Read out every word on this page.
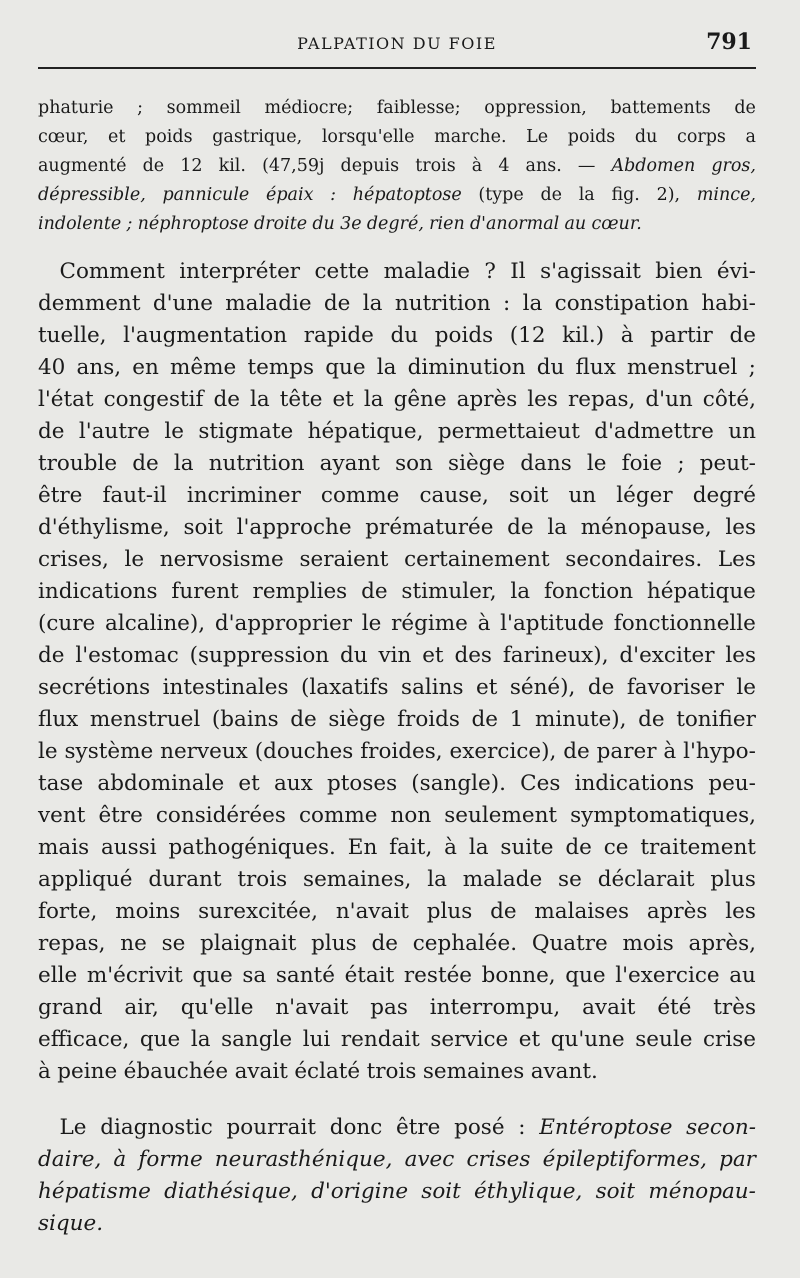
PALPATION DU FOIE	791
phaturie ; sommeil médiocre; faiblesse; oppression, battements de
cœur, et poids gastrique, lorsqu'elle marche. Le poids du corps a
augmenté de 12 kil. (47,59j depuis trois à 4 ans. — Abdomen gros,
dépressible, pannicule épaix : hépatoptose (type de la fig. 2), mince,
indolente ; néphroptose droite du 3e degré, rien d'anormal au cœur.
 Comment interpréter cette maladie ? Il s'agissait bien évi-
demment d'une maladie de la nutrition : la constipation habi-
tuelle, l'augmentation rapide du poids (12 kil.) à partir de
40 ans, en même temps que la diminution du flux menstruel ;
l'état congestif de la tête et la gêne après les repas, d'un côté,
de l'autre le stigmate hépatique, permettaieut d'admettre un
trouble de la nutrition ayant son siège dans le foie ; peut-
être faut-il incriminer comme cause, soit un léger degré
d'éthylisme, soit l'approche prématurée de la ménopause, les
crises, le nervosisme seraient certainement secondaires. Les
indications furent remplies de stimuler, la fonction hépatique
(cure alcaline), d'approprier le régime à l'aptitude fonctionnelle
de l'estomac (suppression du vin et des farineux), d'exciter les
secrétions intestinales (laxatifs salins et séné), de favoriser le
flux menstruel (bains de siège froids de 1 minute), de tonifier
le système nerveux (douches froides, exercice), de parer à l'hypo-
tase abdominale et aux ptoses (sangle). Ces indications peu-
vent être considérées comme non seulement symptomatiques,
mais aussi pathogéniques. En fait, à la suite de ce traitement
appliqué durant trois semaines, la malade se déclarait plus
forte, moins surexcitée, n'avait plus de malaises après les
repas, ne se plaignait plus de cephalée. Quatre mois après,
elle m'écrivit que sa santé était restée bonne, que l'exercice au
grand air, qu'elle n'avait pas interrompu, avait été très
efficace, que la sangle lui rendait service et qu'une seule crise
à peine ébauchée avait éclaté trois semaines avant.
 Le diagnostic pourrait donc être posé : Entéroptose secon-
daire, à forme neurasthénique, avec crises épileptiformes, par
hépatisme diathésique, d'origine soit éthylique, soit ménopau-
sique.
